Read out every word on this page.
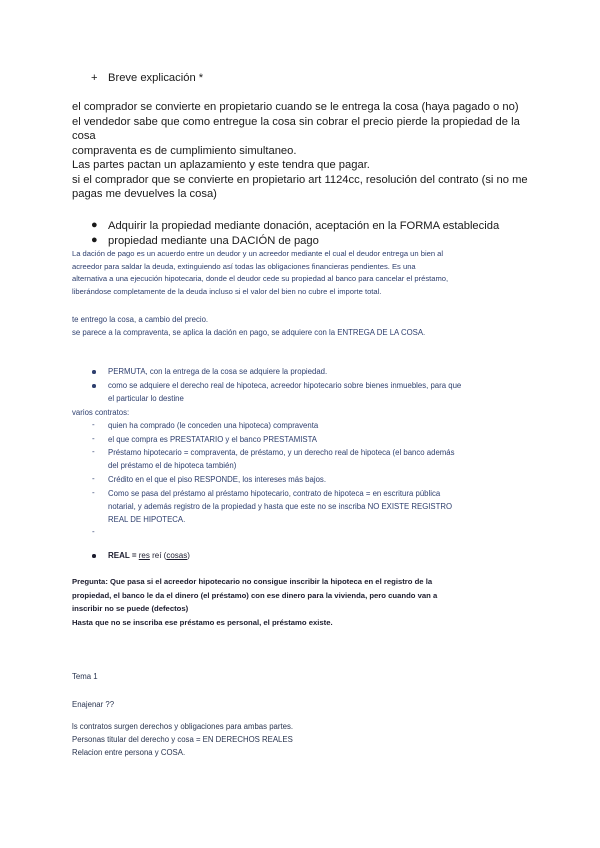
+ Breve explicación *
el comprador se convierte en propietario cuando se le entrega la cosa (haya pagado o no)
el vendedor sabe que como entregue la cosa sin cobrar el precio pierde la propiedad de la
cosa
compraventa es de cumplimiento simultaneo.
Las partes pactan un aplazamiento y este tendra que pagar.
si el comprador que se convierte en propietario art 1124cc, resolución del contrato (si no me
pagas me devuelves la cosa)
● Adquirir la propiedad mediante donación, aceptación en la FORMA establecida
● propiedad mediante una DACIÓN de pago
La dación de pago es un acuerdo entre un deudor y un acreedor mediante el cual el deudor entrega un bien al
acreedor para saldar la deuda, extinguiendo así todas las obligaciones financieras pendientes. Es una
alternativa a una ejecución hipotecaria, donde el deudor cede su propiedad al banco para cancelar el préstamo,
liberándose completamente de la deuda incluso si el valor del bien no cubre el importe total.
te entrego la cosa, a cambio del precio.
se parece a la compraventa, se aplica la dación en pago, se adquiere con la ENTREGA DE LA COSA.
PERMUTA, con la entrega de la cosa se adquiere la propiedad.
como se adquiere el derecho real de hipoteca, acreedor hipotecario sobre bienes inmuebles, para que
el particular lo destine
varios contratos:
- quien ha comprado (le conceden una hipoteca) compraventa
- el que compra es PRESTATARIO y el banco PRESTAMISTA
- Préstamo hipotecario = compraventa, de préstamo, y un derecho real de hipoteca (el banco además
del préstamo el de hipoteca también)
- Crédito en el que el piso RESPONDE, los intereses más bajos.
- Como se pasa del préstamo al préstamo hipotecario, contrato de hipoteca = en escritura pública
notarial, y además registro de la propiedad y hasta que este no se inscriba NO EXISTE REGISTRO
REAL DE HIPOTECA.
-
REAL = res reí (cosas)
Pregunta: Que pasa si el acreedor hipotecario no consigue inscribir la hipoteca en el registro de la
propiedad, el banco le da el dinero (el préstamo) con ese dinero para la vivienda, pero cuando van a
inscribir no se puede (defectos)
Hasta que no se inscriba ese préstamo es personal, el préstamo existe.
Tema 1
Enajenar ??
ls contratos surgen derechos y obligaciones para ambas partes.
Personas titular del derecho y cosa = EN DERECHOS REALES
Relacion entre persona y COSA.
